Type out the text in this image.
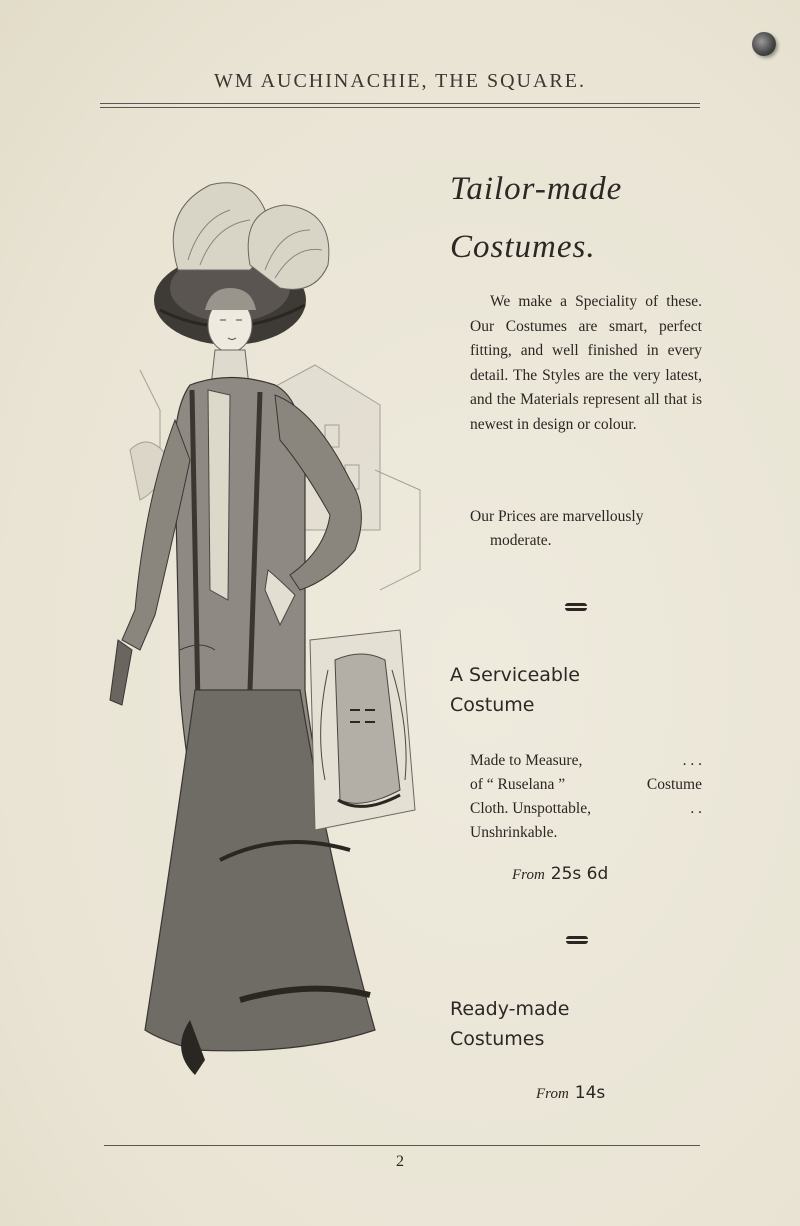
WM AUCHINACHIE, THE SQUARE.
Tailor-made
Costumes.
We make a Speciality of these. Our Costumes are smart, perfect fitting, and well finished in every detail. The Styles are the very latest, and the Materials represent all that is newest in design or colour.
Our Prices are marvellously
moderate.
A Serviceable
Costume
Made to Measure,	. . .
of “ Ruselana ”	Costume
Cloth. Unspottable,	. .
Unshrinkable.
From 25s 6d
Ready-made
Costumes
From 14s
2
